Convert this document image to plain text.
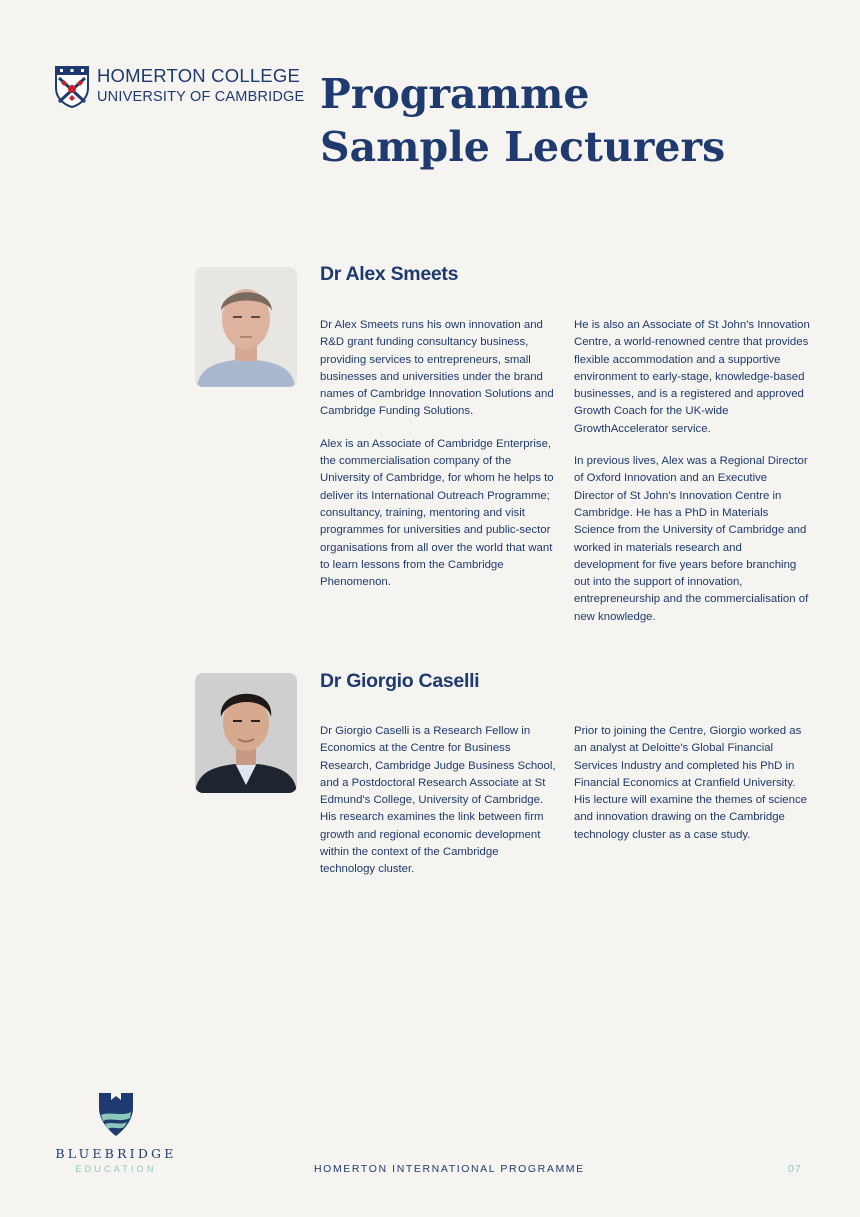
HOMERTON COLLEGE
UNIVERSITY OF CAMBRIDGE Programme
Sample Lecturers
Dr Alex Smeets

Dr Alex Smeets runs his own innovation and R&D grant funding consultancy business, providing services to entrepreneurs, small businesses and universities under the brand names of Cambridge Innovation Solutions and Cambridge Funding Solutions.

Alex is an Associate of Cambridge Enterprise, the commercialisation company of the University of Cambridge, for whom he helps to deliver its International Outreach Programme; consultancy, training, mentoring and visit programmes for universities and public-sector organisations from all over the world that want to learn lessons from the Cambridge Phenomenon.

He is also an Associate of St John's Innovation Centre, a world-renowned centre that provides flexible accommodation and a supportive environment to early-stage, knowledge-based businesses, and is a registered and approved Growth Coach for the UK-wide GrowthAccelerator service.

In previous lives, Alex was a Regional Director of Oxford Innovation and an Executive Director of St John's Innovation Centre in Cambridge. He has a PhD in Materials Science from the University of Cambridge and worked in materials research and development for five years before branching out into the support of innovation, entrepreneurship and the commercialisation of new knowledge.

Dr Giorgio Caselli

Dr Giorgio Caselli is a Research Fellow in Economics at the Centre for Business Research, Cambridge Judge Business School, and a Postdoctoral Research Associate at St Edmund's College, University of Cambridge. His research examines the link between firm growth and regional economic development within the context of the Cambridge technology cluster.

Prior to joining the Centre, Giorgio worked as an analyst at Deloitte's Global Financial Services Industry and completed his PhD in Financial Economics at Cranfield University. His lecture will examine the themes of science and innovation drawing on the Cambridge technology cluster as a case study.

BLUEBRIDGE
EDUCATION	HOMERTON INTERNATIONAL PROGRAMME	07
